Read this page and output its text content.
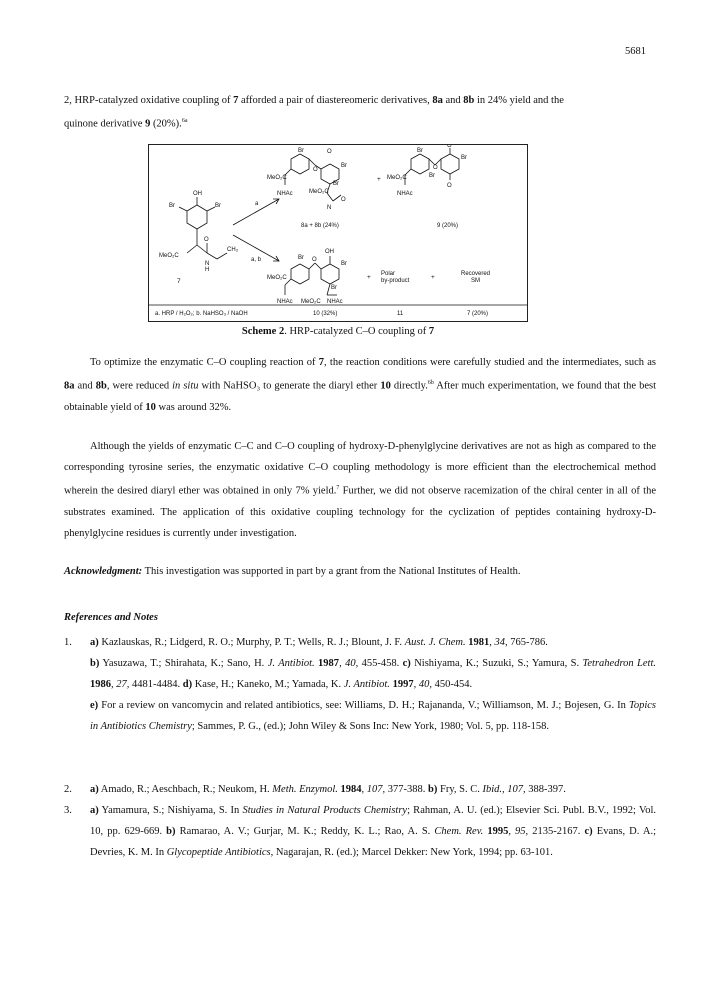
5681

2, HRP-catalyzed oxidative coupling of 7 afforded a pair of diastereomeric derivatives, 8a and 8b in 24% yield and the
quinone derivative 9 (20%).$^{6a}$

OH
Br	Br
MeO₂C
O
N
H
CH₃
7
a
a, b
Br	O
Br
O
MeO₂C
Br
MeO₂C
O
NHAc
N
8a + 8b (24%)
+
Br
O
O
Br
Br
O
MeO₂C
NHAc
9 (20%)
Br
OH
O
Br
MeO₂C
Br
NHAc MeO₂C NHAc
+ Polar
by-product	+	Recovered
SM
a. HRP / H₂O₂; b. NaHSO₃ / NaOH	10 (32%)	11	7 (20%)
Scheme 2. HRP-catalyzed C–O coupling of 7

To optimize the enzymatic C–O coupling reaction of 7, the reaction conditions were carefully studied and the intermediates, such as 8a and 8b, were reduced in situ with NaHSO₃ to generate the diaryl ether 10 directly.$^{6b}$ After much experimentation, we found that the best obtainable yield of 10 was around 32%.

Although the yields of enzymatic C–C and C–O coupling of hydroxy-D-phenylglycine derivatives are not as high as compared to the corresponding tyrosine series, the enzymatic oxidative C–O coupling methodology is more efficient than the electrochemical method wherein the desired diaryl ether was obtained in only 7% yield.$^7$ Further, we did not observe racemization of the chiral center in all of the substrates examined. The application of this oxidative coupling technology for the cyclization of peptides containing hydroxy-D-phenylglycine residues is currently under investigation.

Acknowledgment: This investigation was supported in part by a grant from the National Institutes of Health.
References and Notes
1.	a) Kazlauskas, R.; Lidgerd, R. O.; Murphy, P. T.; Wells, R. J.; Blount, J. F. Aust. J. Chem. 1981, 34, 765-786.
b) Yasuzawa, T.; Shirahata, K.; Sano, H. J. Antibiot. 1987, 40, 455-458. c) Nishiyama, K.; Suzuki, S.; Yamura, S. Tetrahedron Lett. 1986, 27, 4481-4484. d) Kase, H.; Kaneko, M.; Yamada, K. J. Antibiot. 1997, 40, 450-454.
e) For a review on vancomycin and related antibiotics, see: Williams, D. H.; Rajananda, V.; Williamson, M. J.; Bojesen, G. In Topics in Antibiotics Chemistry; Sammes, P. G., (ed.); John Wiley & Sons Inc: New York, 1980; Vol. 5, pp. 118-158.
2.	a) Amado, R.; Aeschbach, R.; Neukom, H. Meth. Enzymol. 1984, 107, 377-388. b) Fry, S. C. Ibid., 107, 388-397.
3.	a) Yamamura, S.; Nishiyama, S. In Studies in Natural Products Chemistry; Rahman, A. U. (ed.); Elsevier Sci. Publ. B.V., 1992; Vol. 10, pp. 629-669. b) Ramarao, A. V.; Gurjar, M. K.; Reddy, K. L.; Rao, A. S. Chem. Rev. 1995, 95, 2135-2167. c) Evans, D. A.; Devries, K. M. In Glycopeptide Antibiotics, Nagarajan, R. (ed.); Marcel Dekker: New York, 1994; pp. 63-101.
